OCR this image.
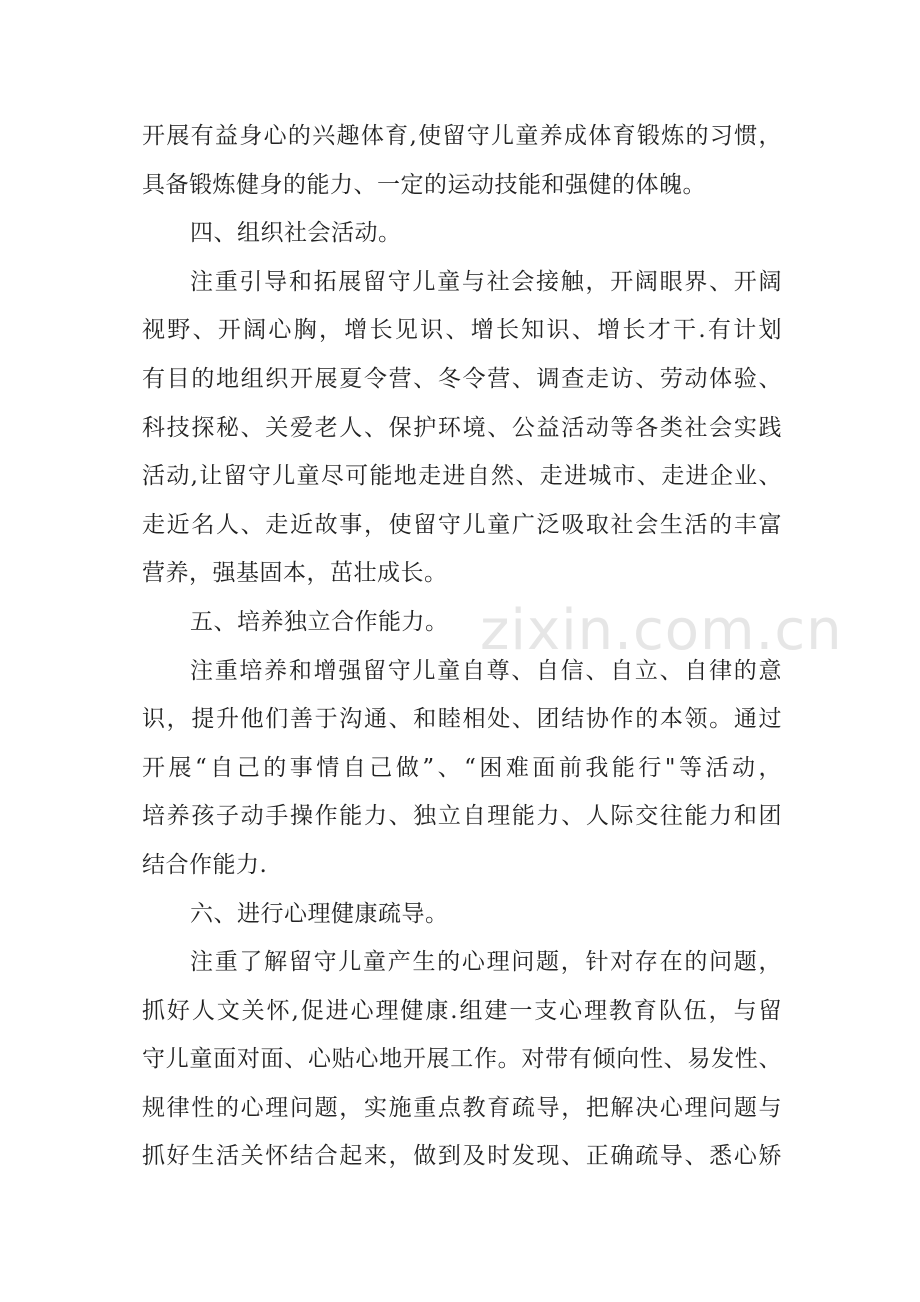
zixin.com.cn
开展有益身心的兴趣体育,使留守儿童养成体育锻炼的习惯，
具备锻炼健身的能力、一定的运动技能和强健的体魄。
四、组织社会活动。
注重引导和拓展留守儿童与社会接触，开阔眼界、开阔
视野、开阔心胸，增长见识、增长知识、增长才干.有计划
有目的地组织开展夏令营、冬令营、调查走访、劳动体验、
科技探秘、关爱老人、保护环境、公益活动等各类社会实践
活动,让留守儿童尽可能地走进自然、走进城市、走进企业、
走近名人、走近故事，使留守儿童广泛吸取社会生活的丰富
营养，强基固本，茁壮成长。
五、培养独立合作能力。
注重培养和增强留守儿童自尊、自信、自立、自律的意
识，提升他们善于沟通、和睦相处、团结协作的本领。通过
开展“自己的事情自己做”、“困难面前我能行"等活动，
培养孩子动手操作能力、独立自理能力、人际交往能力和团
结合作能力.
六、进行心理健康疏导。
注重了解留守儿童产生的心理问题，针对存在的问题，
抓好人文关怀,促进心理健康.组建一支心理教育队伍，与留
守儿童面对面、心贴心地开展工作。对带有倾向性、易发性、
规律性的心理问题，实施重点教育疏导，把解决心理问题与
抓好生活关怀结合起来，做到及时发现、正确疏导、悉心矫
